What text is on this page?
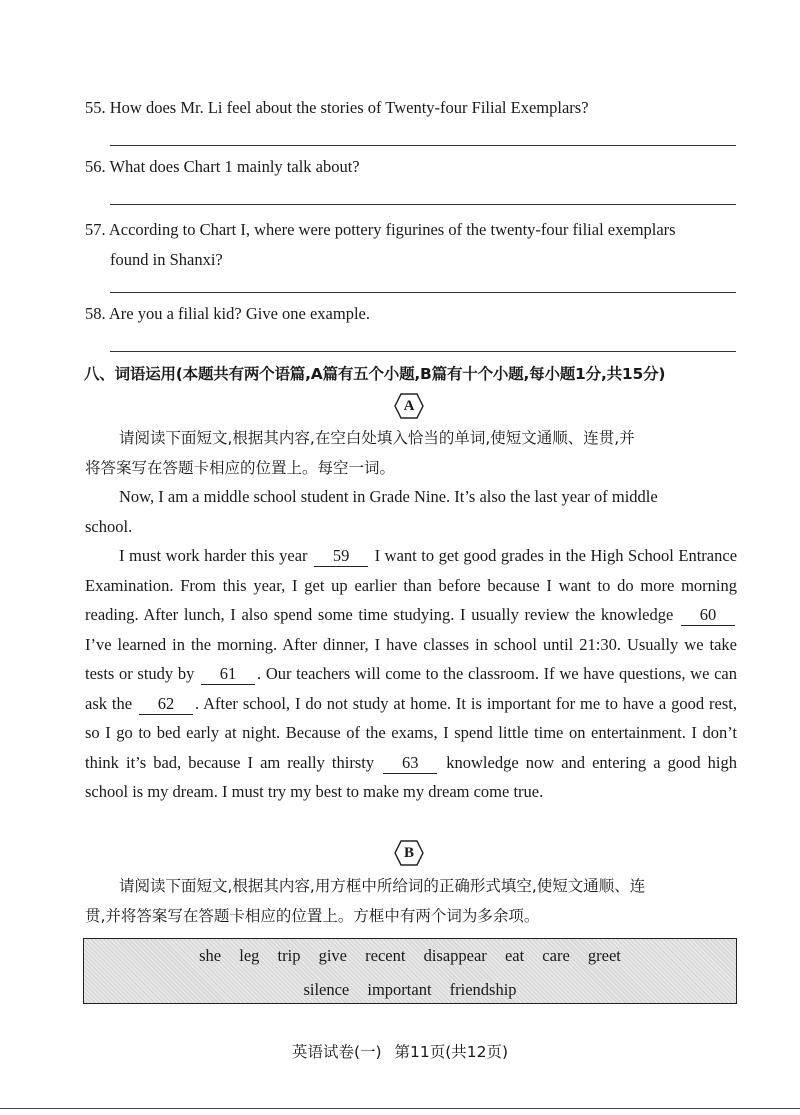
55. How does Mr. Li feel about the stories of Twenty-four Filial Exemplars?
56. What does Chart 1 mainly talk about?
57. According to Chart I, where were pottery figurines of the twenty-four filial exemplars
found in Shanxi?
58. Are you a filial kid? Give one example.
八、词语运用(本题共有两个语篇,A篇有五个小题,B篇有十个小题,每小题1分,共15分)
A
请阅读下面短文,根据其内容,在空白处填入恰当的单词,使短文通顺、连贯,并
将答案写在答题卡相应的位置上。每空一词。
Now, I am a middle school student in Grade Nine. It’s also the last year of middle
school.
I must work harder this year 59 I want to get good grades in the High School Entrance Examination. From this year, I get up earlier than before because I want to do more morning reading. After lunch, I also spend some time studying. I usually review the knowledge 60 I’ve learned in the morning. After dinner, I have classes in school until 21:30. Usually we take tests or study by 61 . Our teachers will come to the classroom. If we have questions, we can ask the 62 . After school, I do not study at home. It is important for me to have a good rest, so I go to bed early at night. Because of the exams, I spend little time on entertainment. I don’t think it’s bad, because I am really thirsty 63 knowledge now and entering a good high school is my dream. I must try my best to make my dream come true.
B
请阅读下面短文,根据其内容,用方框中所给词的正确形式填空,使短文通顺、连
贯,并将答案写在答题卡相应的位置上。方框中有两个词为多余项。
she leg trip give recent disappear eat care greet
silence important friendship
英语试卷(一) 第11页(共12页)
